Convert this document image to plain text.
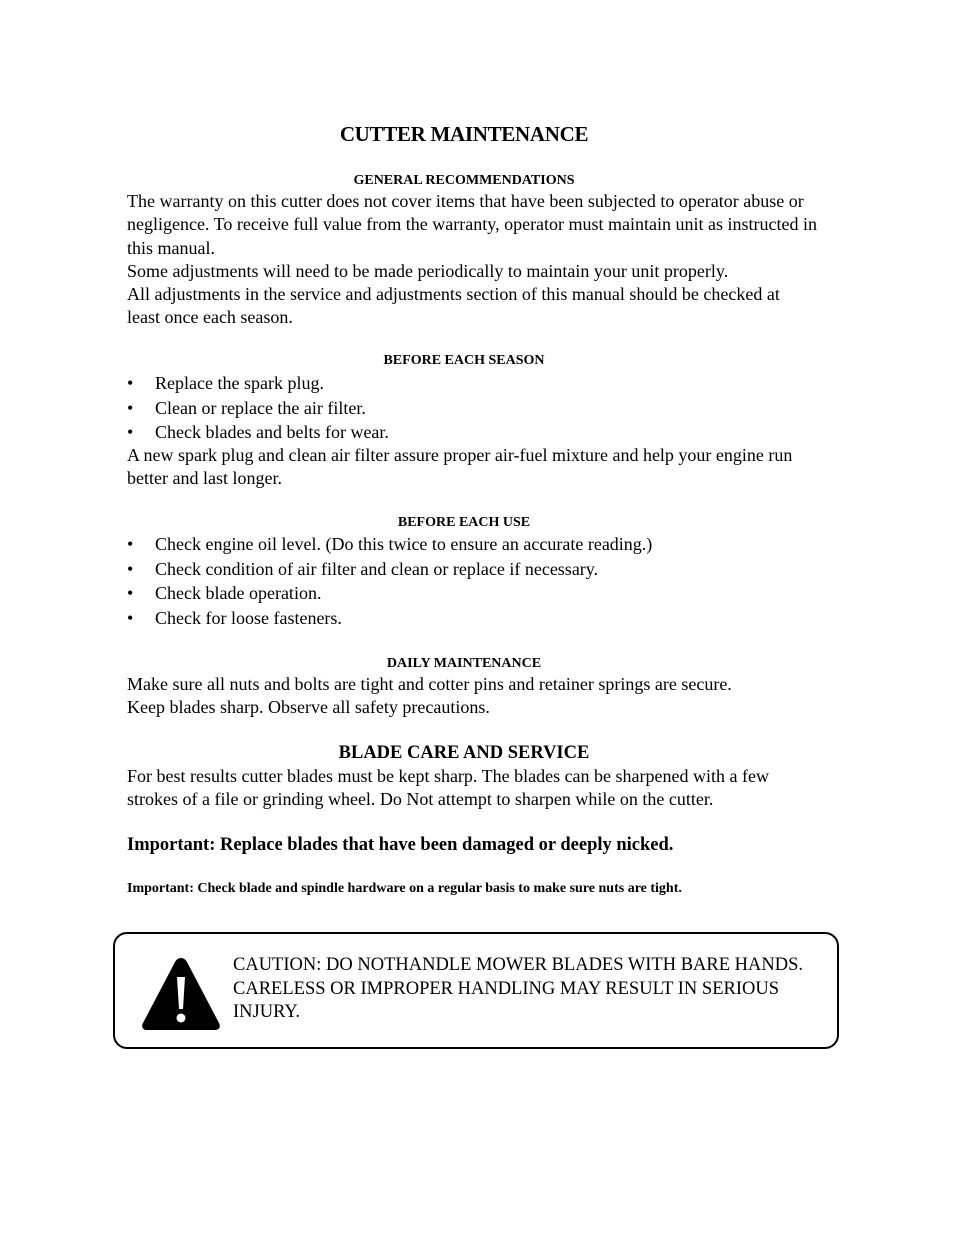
CUTTER MAINTENANCE
GENERAL RECOMMENDATIONS

The warranty on this cutter does not cover items that have been subjected to operator abuse or negligence. To receive full value from the warranty, operator must maintain unit as instructed in this manual.

Some adjustments will need to be made periodically to maintain your unit properly.

All adjustments in the service and adjustments section of this manual should be checked at least once each season.

BEFORE EACH SEASON
• Replace the spark plug.
• Clean or replace the air filter.
• Check blades and belts for wear.
A new spark plug and clean air filter assure proper air-fuel mixture and help your engine run better and last longer.
BEFORE EACH USE
• Check engine oil level. (Do this twice to ensure an accurate reading.)
• Check condition of air filter and clean or replace if necessary.
• Check blade operation.
• Check for loose fasteners.
DAILY MAINTENANCE

Make sure all nuts and bolts are tight and cotter pins and retainer springs are secure.

Keep blades sharp. Observe all safety precautions.

BLADE CARE AND SERVICE
For best results cutter blades must be kept sharp. The blades can be sharpened with a few strokes of a file or grinding wheel. Do Not attempt to sharpen while on the cutter.
Important: Replace blades that have been damaged or deeply nicked.
Important: Check blade and spindle hardware on a regular basis to make sure nuts are tight.
CAUTION: DO NOTHANDLE MOWER BLADES WITH BARE HANDS. CARELESS OR IMPROPER HANDLING MAY RESULT IN SERIOUS INJURY.
